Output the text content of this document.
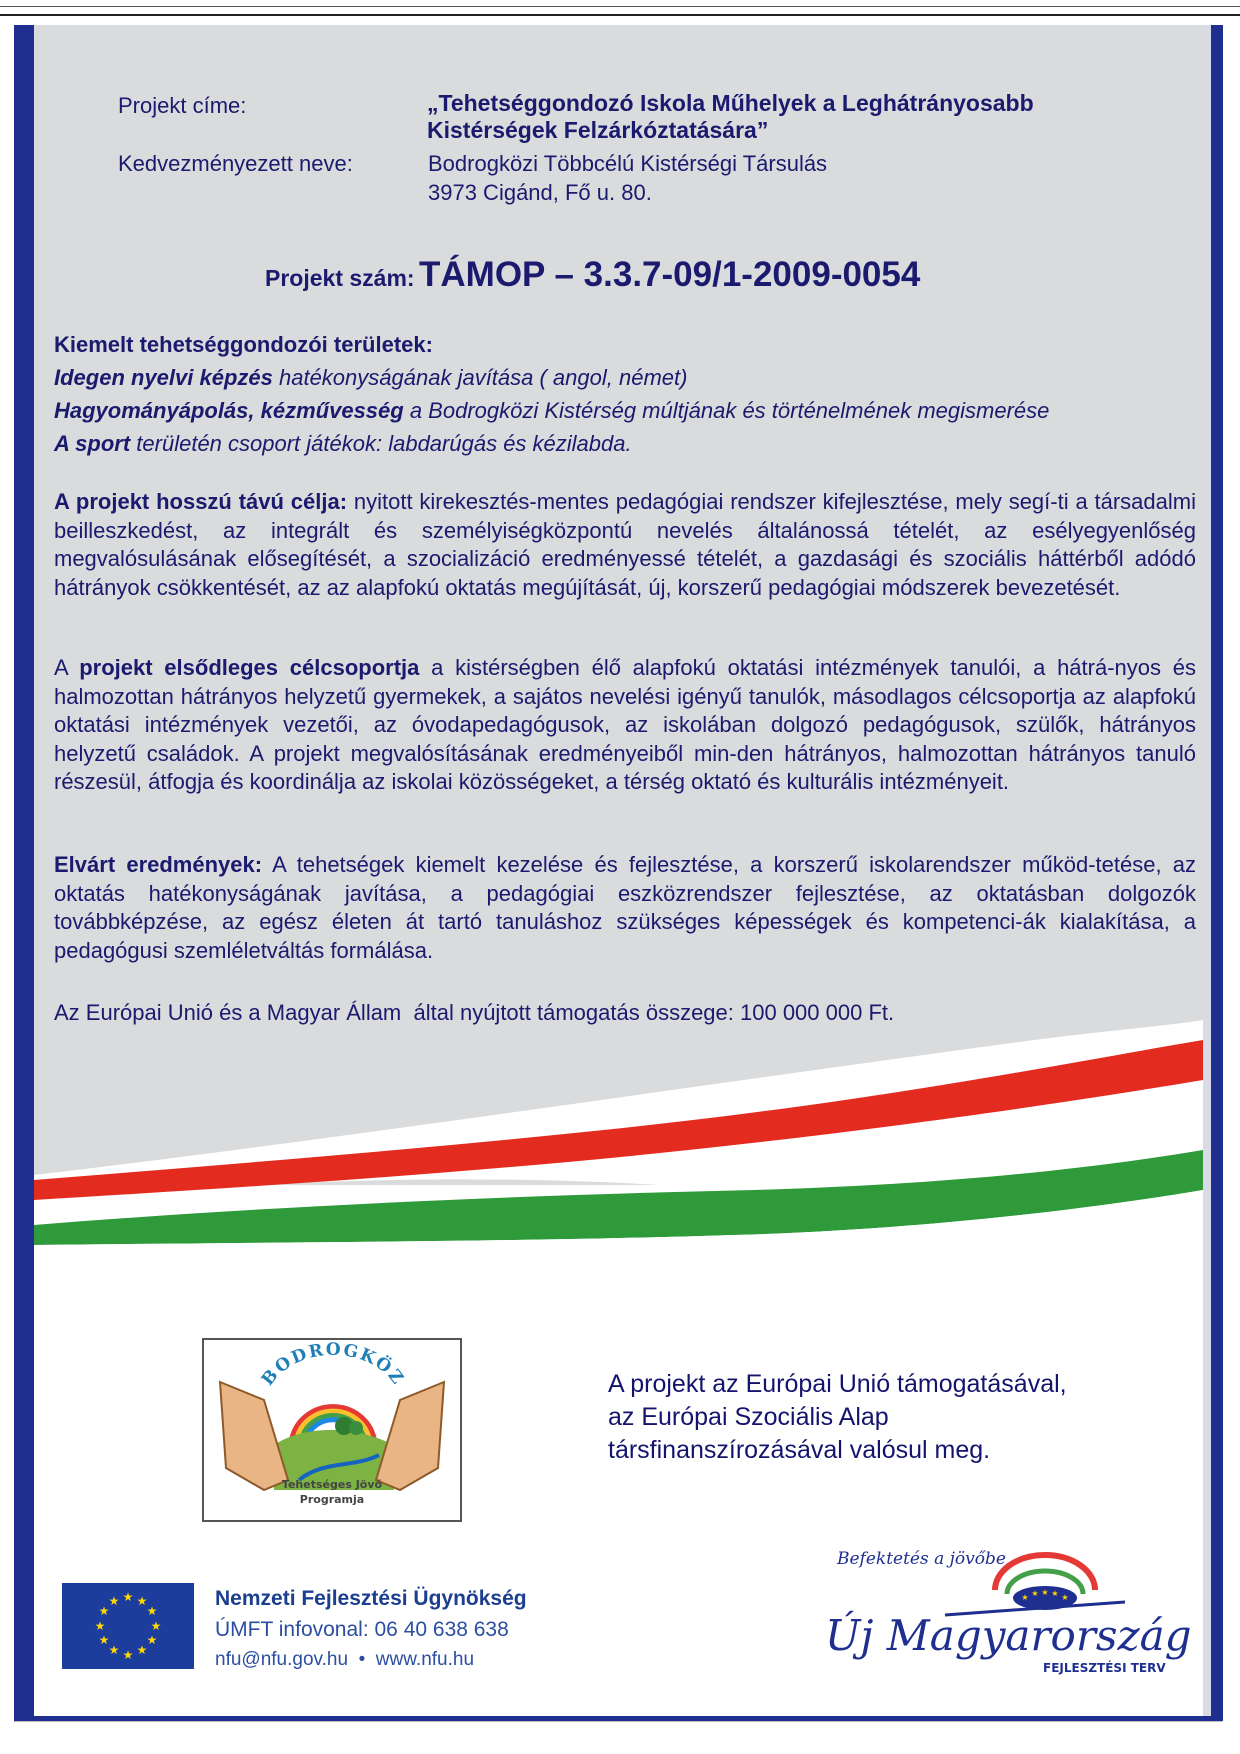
Projekt címe:	„Tehetséggondozó Iskola Műhelyek a Leghátrányosabb
Kistérségek Felzárkóztatására”
Kedvezményezett neve:	Bodrogközi Többcélú Kistérségi Társulás
3973 Cigánd, Fő u. 80.
Projekt szám: TÁMOP – 3.3.7-09/1-2009-0054

Kiemelt tehetséggondozói területek:

Idegen nyelvi képzés hatékonyságának javítása ( angol, német)

Hagyományápolás, kézművesség a Bodrogközi Kistérség múltjának és történelmének megismerése

A sport területén csoport játékok: labdarúgás és kézilabda.

A projekt hosszú távú célja: nyitott kirekesztés-mentes pedagógiai rendszer kifejlesztése, mely segí-ti a társadalmi beilleszkedést, az integrált és személyiségközpontú nevelés általánossá tételét, az esélyegyenlőség megvalósulásának elősegítését, a szocializáció eredményessé tételét, a gazdasági és szociális háttérből adódó hátrányok csökkentését, az az alapfokú oktatás megújítását, új, korszerű pedagógiai módszerek bevezetését.

A projekt elsődleges célcsoportja a kistérségben élő alapfokú oktatási intézmények tanulói, a hátrá-nyos és halmozottan hátrányos helyzetű gyermekek, a sajátos nevelési igényű tanulók, másodlagos célcsoportja az alapfokú oktatási intézmények vezetői, az óvodapedagógusok, az iskolában dolgozó pedagógusok, szülők, hátrányos helyzetű családok. A projekt megvalósításának eredményeiből min-den hátrányos, halmozottan hátrányos tanuló részesül, átfogja és koordinálja az iskolai közösségeket, a térség oktató és kulturális intézményeit.

Elvárt eredmények: A tehetségek kiemelt kezelése és fejlesztése, a korszerű iskolarendszer működ-tetése, az oktatás hatékonyságának javítása, a pedagógiai eszközrendszer fejlesztése, az oktatásban dolgozók továbbképzése, az egész életen át tartó tanuláshoz szükséges képességek és kompetenci-ák kialakítása, a pedagógusi szemléletváltás formálása.

Az Európai Unió és a Magyar Állam  által nyújtott támogatás összege: 100 000 000 Ft.
BODROGKÖZ
Tehetséges Jövő
Programja
A projekt az Európai Unió támogatásával,
az Európai Szociális Alap
társfinanszírozásával valósul meg.
★ ★
★
★
★
★
★
★
★
★
★
★	Nemzeti Fejlesztési Ügynökség
ÚMFT infovonal: 06 40 638 638
nfu@nfu.gov.hu  •  www.nfu.hu
Befektetés a jövőbe
★ ★ ★ ★ ★
Új Magyarország
FEJLESZTÉSI TERV
